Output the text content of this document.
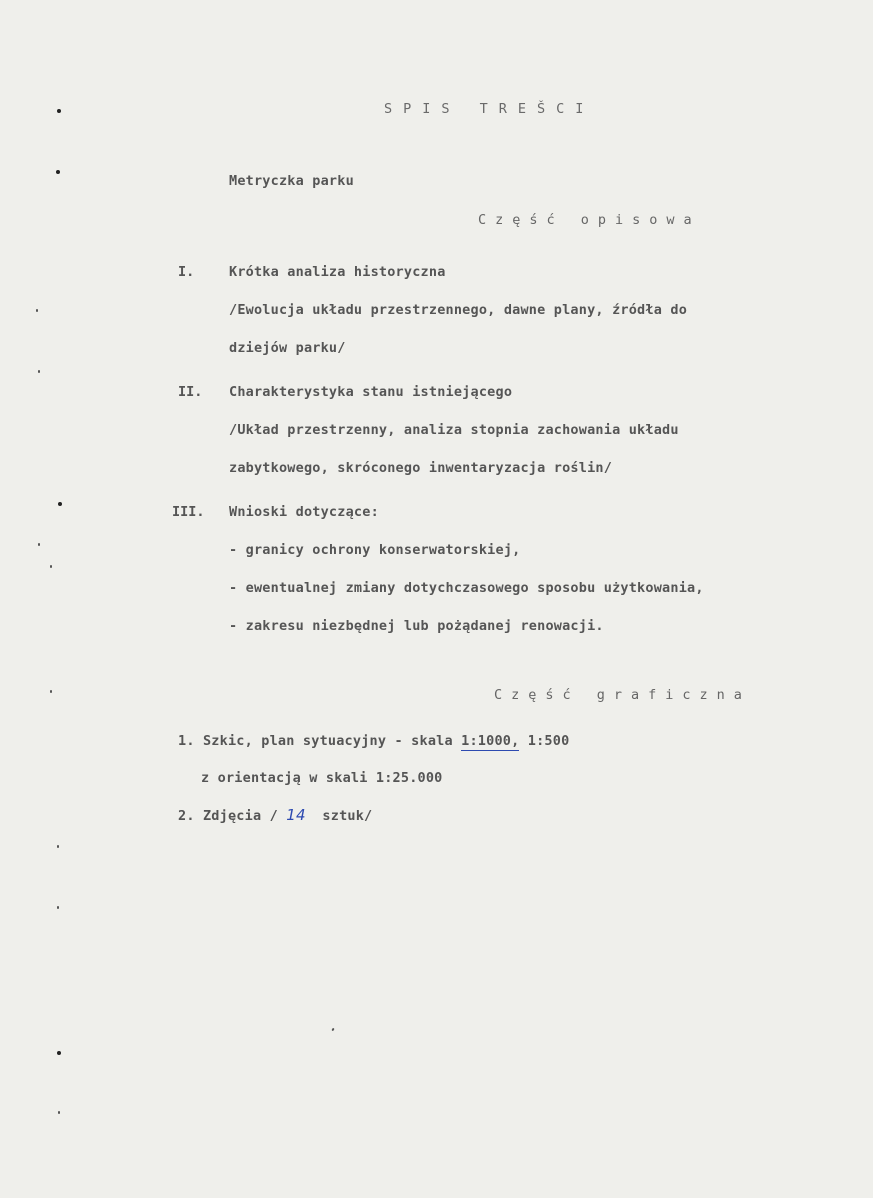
SPIS TREŠCI
Metryczka parku
Część opisowa
I.	Krótka analiza historyczna
/Ewolucja układu przestrzennego, dawne plany, źródła do
dziejów parku/
II. Charakterystyka stanu istniejącego
/Układ przestrzenny, analiza stopnia zachowania układu
zabytkowego, skróconego inwentaryzacja roślin/
III. Wnioski dotyczące:
- granicy ochrony konserwatorskiej,
- ewentualnej zmiany dotychczasowego sposobu użytkowania,
- zakresu niezbędnej lub pożądanej renowacji.
Część graficzna
1. Szkic, plan sytuacyjny - skala 1:1000, 1:500
z orientacją w skali 1:25.000
2. Zdjęcia / 14  sztuk/
